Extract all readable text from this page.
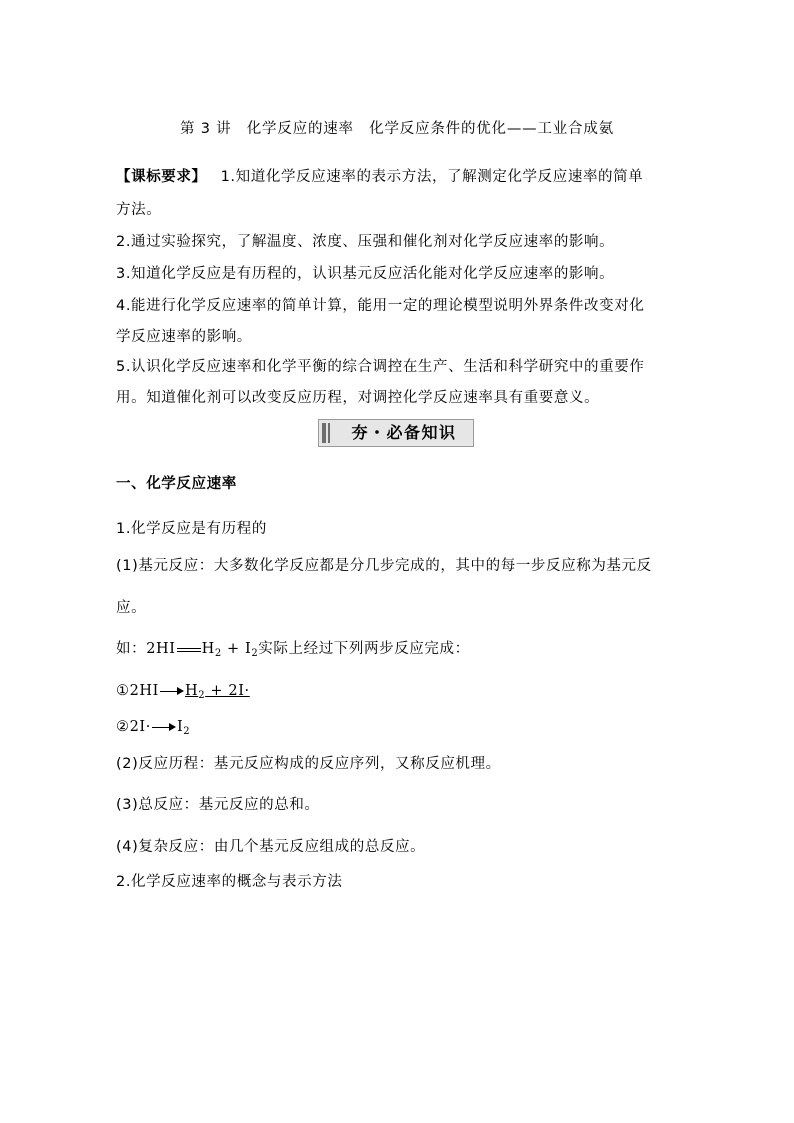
第 3 讲　化学反应的速率　化学反应条件的优化——工业合成氨
【课标要求】 1.知道化学反应速率的表示方法，了解测定化学反应速率的简单
方法。
2.通过实验探究，了解温度、浓度、压强和催化剂对化学反应速率的影响。
3.知道化学反应是有历程的，认识基元反应活化能对化学反应速率的影响。
4.能进行化学反应速率的简单计算，能用一定的理论模型说明外界条件改变对化
学反应速率的影响。
5.认识化学反应速率和化学平衡的综合调控在生产、生活和科学研究中的重要作
用。知道催化剂可以改变反应历程，对调控化学反应速率具有重要意义。
夯・必备知识
一、化学反应速率
1.化学反应是有历程的
(1)基元反应：大多数化学反应都是分几步完成的，其中的每一步反应称为基元反
应。
如：2HI $H_2 + I_2$实际上经过下列两步反应完成：
①2HI $H_2 + 2I\cdot$
②2I· $I_2$
(2)反应历程：基元反应构成的反应序列，又称反应机理。
(3)总反应：基元反应的总和。
(4)复杂反应：由几个基元反应组成的总反应。
2.化学反应速率的概念与表示方法
